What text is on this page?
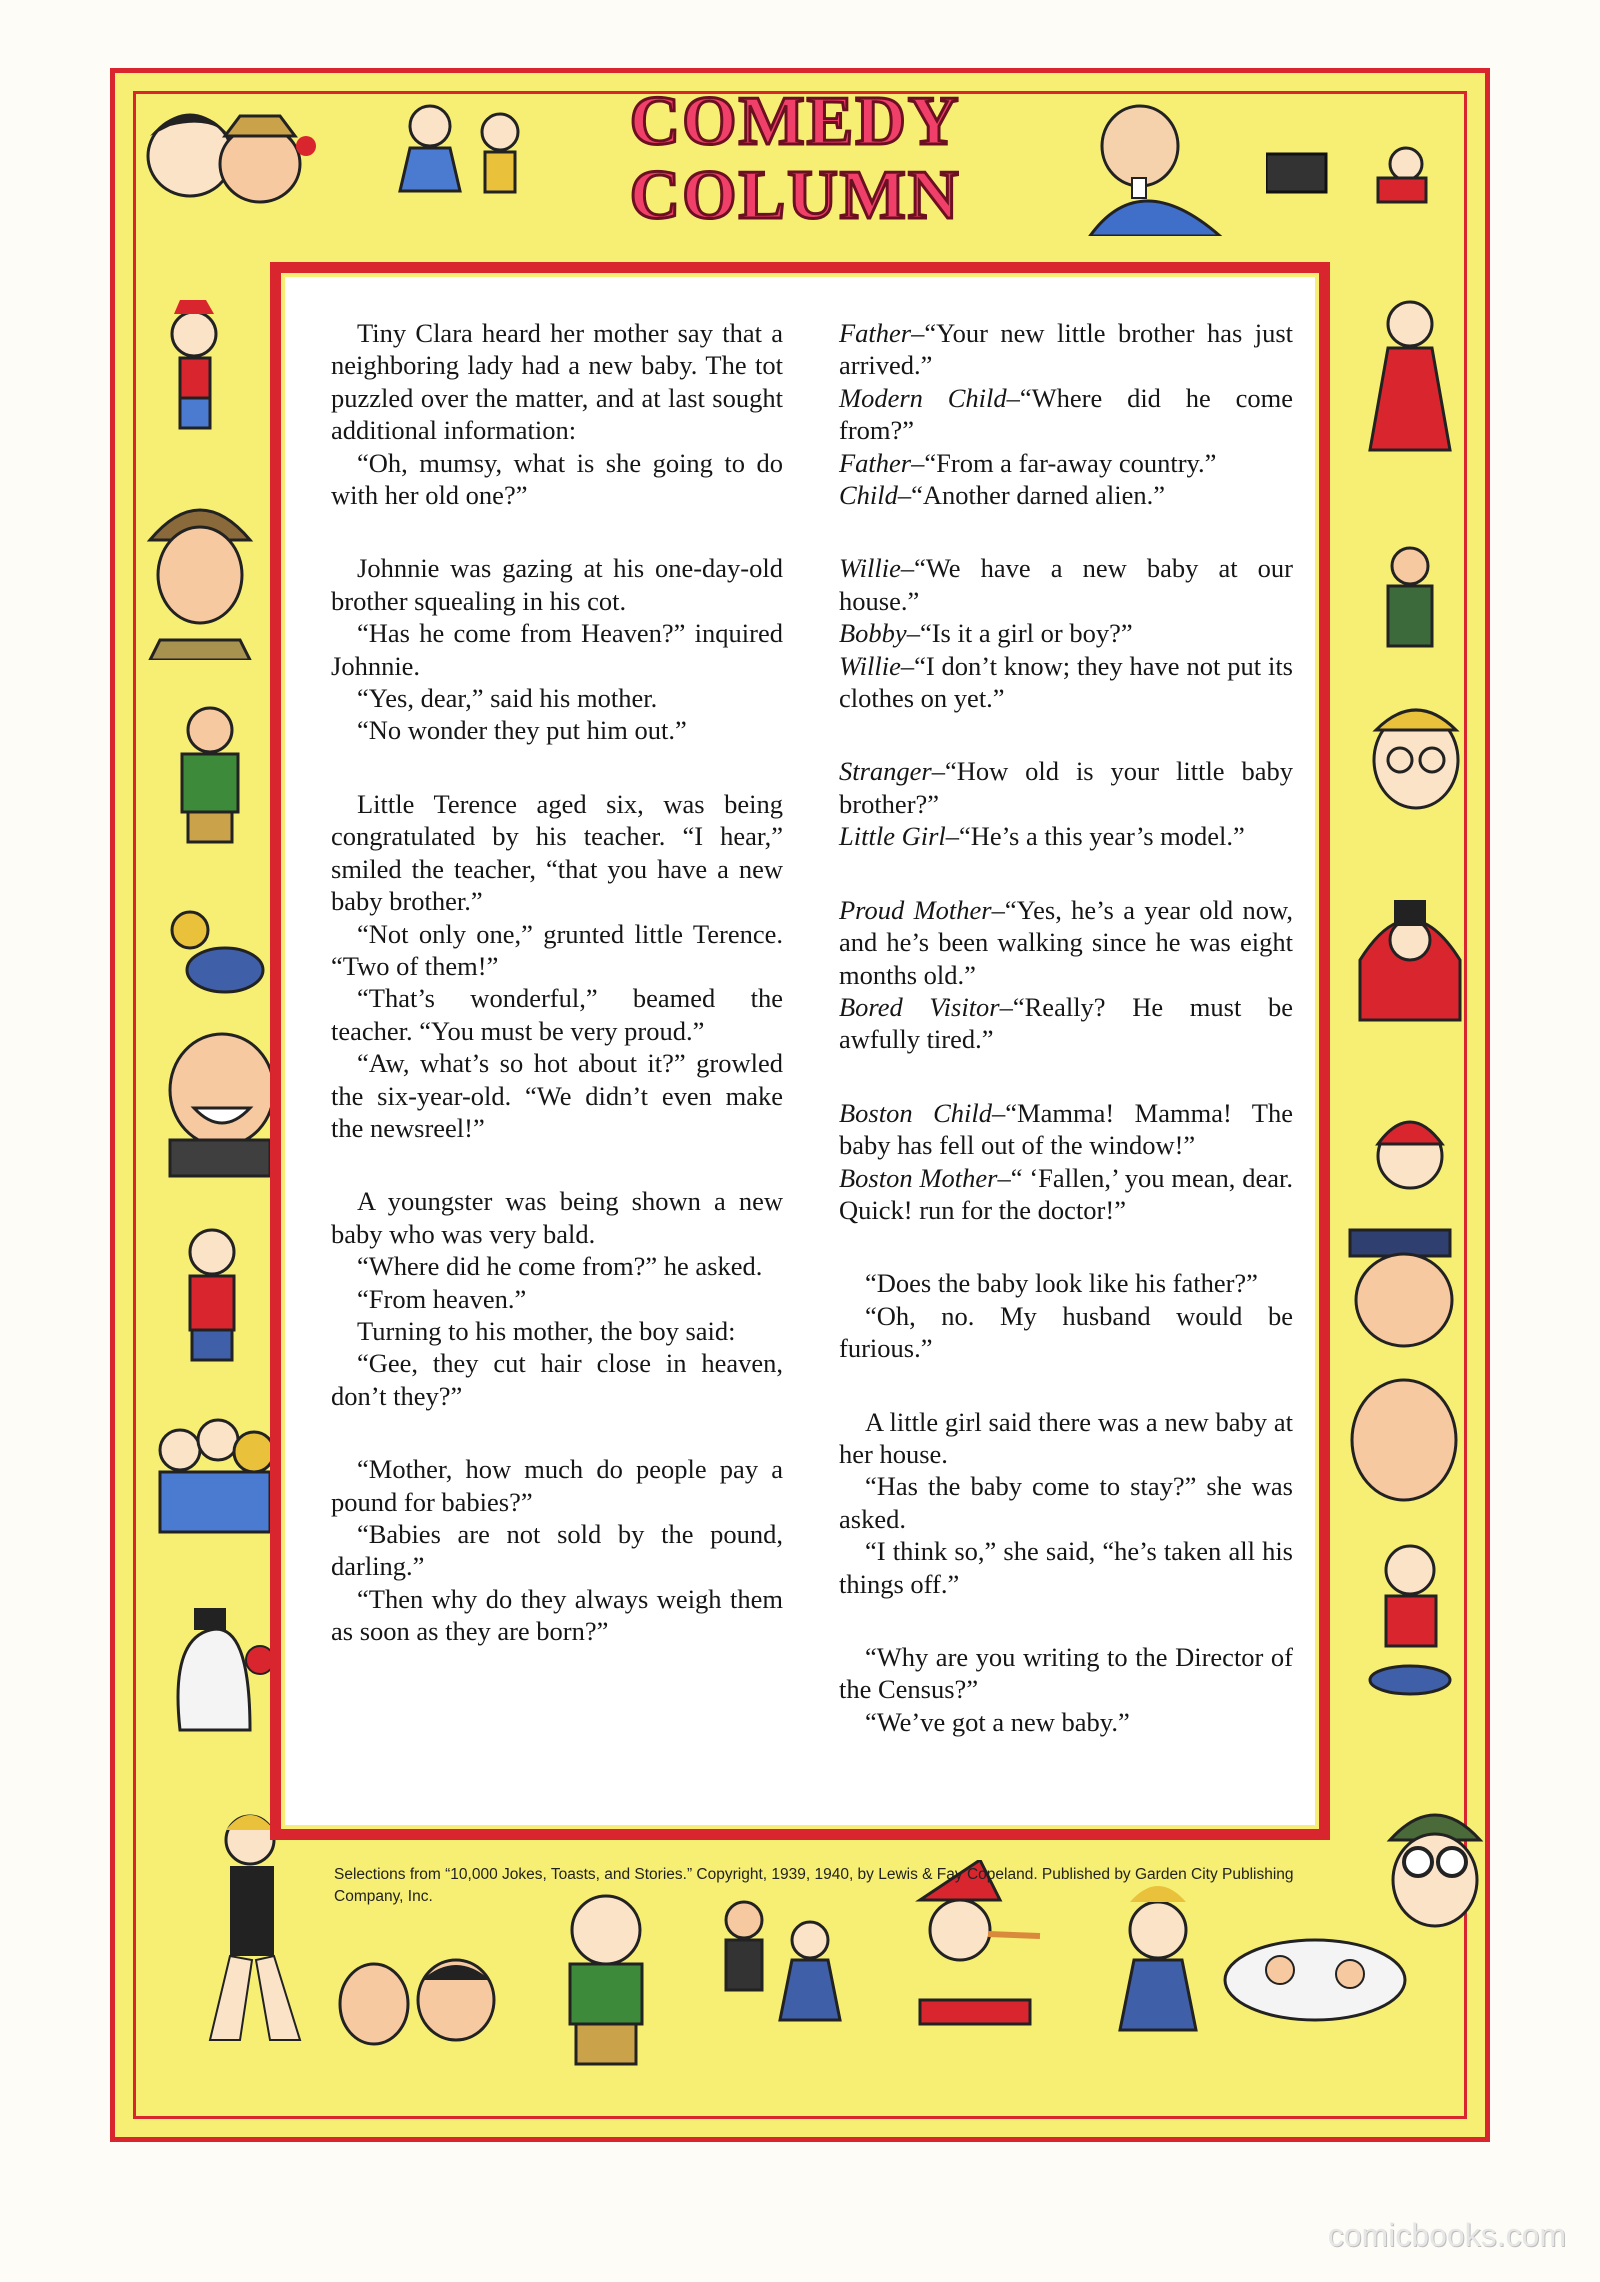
COMEDY
COLUMN

Tiny Clara heard her mother say that a neighboring lady had a new baby. The tot puzzled over the matter, and at last sought additional information:

“Oh, mumsy, what is she going to do with her old one?”

Johnnie was gazing at his one-day-old brother squealing in his cot.

“Has he come from Heaven?” inquired Johnnie.

“Yes, dear,” said his mother.

“No wonder they put him out.”

Little Terence aged six, was being congratulated by his teacher. “I hear,” smiled the teacher, “that you have a new baby brother.”

“Not only one,” grunted little Terence. “Two of them!”

“That’s wonderful,” beamed the teacher. “You must be very proud.”

“Aw, what’s so hot about it?” growled the six-year-old. “We didn’t even make the newsreel!”

A youngster was being shown a new baby who was very bald.

“Where did he come from?” he asked.

“From heaven.”

Turning to his mother, the boy said:

“Gee, they cut hair close in heaven, don’t they?”

“Mother, how much do people pay a pound for babies?”

“Babies are not sold by the pound, darling.”

“Then why do they always weigh them as soon as they are born?”

Father–“Your new little brother has just arrived.”

Modern Child–“Where did he come from?”

Father–“From a far-away country.”

Child–“Another darned alien.”

Willie–“We have a new baby at our house.”

Bobby–“Is it a girl or boy?”

Willie–“I don’t know; they have not put its clothes on yet.”

Stranger–“How old is your little baby brother?”

Little Girl–“He’s a this year’s model.”

Proud Mother–“Yes, he’s a year old now, and he’s been walking since he was eight months old.”

Bored Visitor–“Really? He must be awfully tired.”

Boston Child–“Mamma! Mamma! The baby has fell out of the window!”

Boston Mother–“ ‘Fallen,’ you mean, dear. Quick! run for the doctor!”

“Does the baby look like his father?”

“Oh, no. My husband would be furious.”

A little girl said there was a new baby at her house.

“Has the baby come to stay?” she was asked.

“I think so,” she said, “he’s taken all his things off.”

“Why are you writing to the Director of the Census?”

“We’ve got a new baby.”

Selections from “10,000 Jokes, Toasts, and Stories.” Copyright, 1939, 1940, by Lewis & Fay Copeland. Published by Garden City Publishing Company, Inc.
comicbooks.com
